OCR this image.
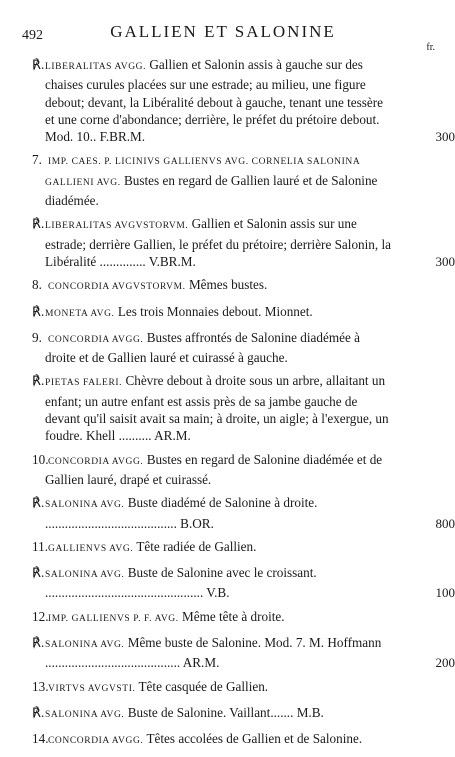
492	GALLIEN ET SALONINE
fr.

℟.LIBERALITAS AVGG. Gallien et Salonin assis à gauche sur des chaises curules placées sur une estrade; au milieu, une figure debout; devant, la Libéralité debout à gauche, tenant une tessère et une corne d'abondance; derrière, le préfet du prétoire debout. Mod. 10.. F.BR.M.	300

7. IMP. CAES. P. LICINIVS GALLIENVS AVG. CORNELIA SALONINA GALLIENI AVG. Bustes en regard de Gallien lauré et de Salonine diadémée.

℟.LIBERALITAS AVGVSTORVM. Gallien et Salonin assis sur une estrade; derrière Gallien, le préfet du prétoire; derrière Salonin, la Libéralité .............. V.BR.M.	300

8. CONCORDIA AVGVSTORVM. Mêmes bustes.

℟.MONETA AVG. Les trois Monnaies debout. Mionnet.

9. CONCORDIA AVGG. Bustes affrontés de Salonine diadémée à droite et de Gallien lauré et cuirassé à gauche.

℟.PIETAS FALERI. Chèvre debout à droite sous un arbre, allaitant un enfant; un autre enfant est assis près de sa jambe gauche de devant qu'il saisit avait sa main; à droite, un aigle; à l'exergue, un foudre. Khell .......... AR.M.

10.CONCORDIA AVGG. Bustes en regard de Salonine diadémée et de Gallien lauré, drapé et cuirassé.

℟.SALONINA AVG. Buste diadémé de Salonine à droite. ........................................ B.OR.	800

11.GALLIENVS AVG. Tête radiée de Gallien.

℟.SALONINA AVG. Buste de Salonine avec le croissant. ................................................ V.B.	100

12.IMP. GALLIENVS P. F. AVG. Même tête à droite.

℟.SALONINA AVG. Même buste de Salonine. Mod. 7. M. Hoffmann ......................................... AR.M.	200

13.VIRTVS AVGVSTI. Tête casquée de Gallien.

℟.SALONINA AVG. Buste de Salonine. Vaillant....... M.B.

14.CONCORDIA AVGG. Têtes accolées de Gallien et de Salonine.
